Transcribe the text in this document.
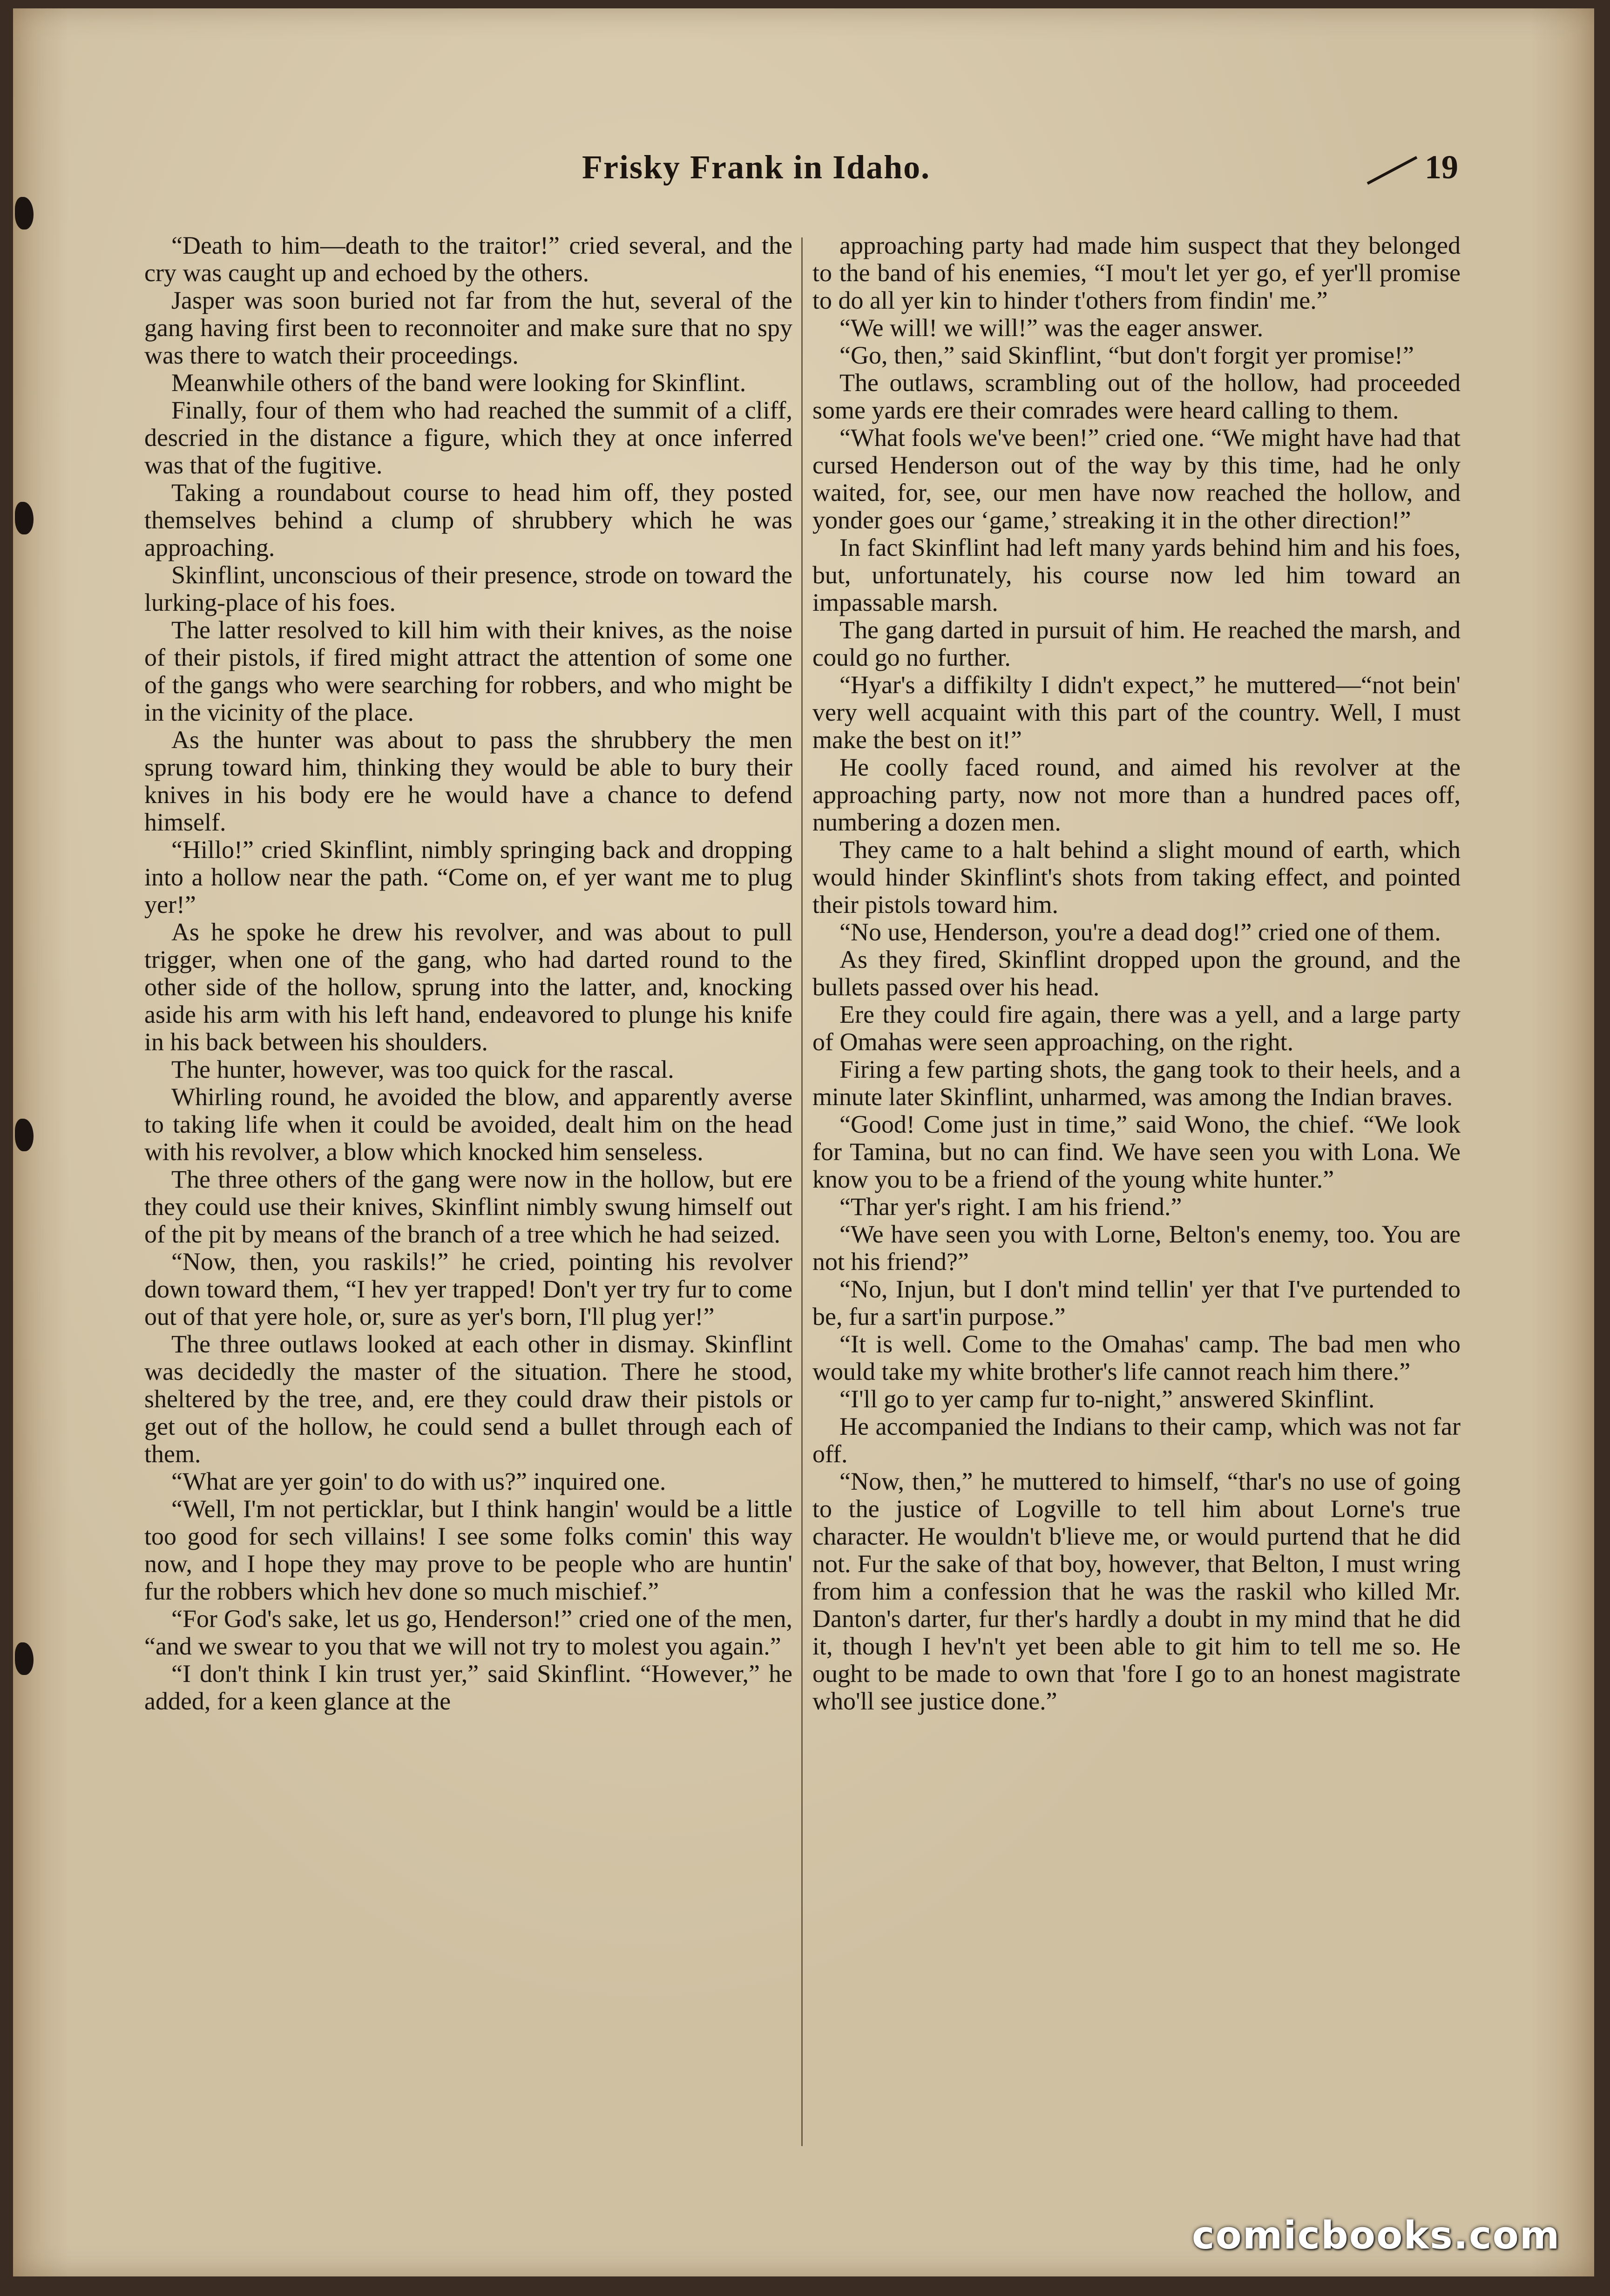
Frisky Frank in Idaho.	19

“Death to him—death to the traitor!” cried several, and the cry was caught up and echoed by the others.

Jasper was soon buried not far from the hut, several of the gang having first been to reconnoiter and make sure that no spy was there to watch their proceedings.

Meanwhile others of the band were looking for Skinflint.

Finally, four of them who had reached the summit of a cliff, descried in the distance a figure, which they at once inferred was that of the fugitive.

Taking a roundabout course to head him off, they posted themselves behind a clump of shrubbery which he was approaching.

Skinflint, unconscious of their presence, strode on toward the lurking-place of his foes.

The latter resolved to kill him with their knives, as the noise of their pistols, if fired might attract the attention of some one of the gangs who were searching for robbers, and who might be in the vicinity of the place.

As the hunter was about to pass the shrubbery the men sprung toward him, thinking they would be able to bury their knives in his body ere he would have a chance to defend himself.

“Hillo!” cried Skinflint, nimbly springing back and dropping into a hollow near the path. “Come on, ef yer want me to plug yer!”

As he spoke he drew his revolver, and was about to pull trigger, when one of the gang, who had darted round to the other side of the hollow, sprung into the latter, and, knocking aside his arm with his left hand, endeavored to plunge his knife in his back between his shoulders.

The hunter, however, was too quick for the rascal.

Whirling round, he avoided the blow, and apparently averse to taking life when it could be avoided, dealt him on the head with his revolver, a blow which knocked him senseless.

The three others of the gang were now in the hollow, but ere they could use their knives, Skinflint nimbly swung himself out of the pit by means of the branch of a tree which he had seized.

“Now, then, you raskils!” he cried, pointing his revolver down toward them, “I hev yer trapped! Don't yer try fur to come out of that yere hole, or, sure as yer's born, I'll plug yer!”

The three outlaws looked at each other in dismay. Skinflint was decidedly the master of the situation. There he stood, sheltered by the tree, and, ere they could draw their pistols or get out of the hollow, he could send a bullet through each of them.

“What are yer goin' to do with us?” inquired one.

“Well, I'm not perticklar, but I think hangin' would be a little too good for sech villains! I see some folks comin' this way now, and I hope they may prove to be people who are huntin' fur the robbers which hev done so much mischief.”

“For God's sake, let us go, Henderson!” cried one of the men, “and we swear to you that we will not try to molest you again.”

“I don't think I kin trust yer,” said Skinflint. “However,” he added, for a keen glance at the

approaching party had made him suspect that they belonged to the band of his enemies, “I mou't let yer go, ef yer'll promise to do all yer kin to hinder t'others from findin' me.”

“We will! we will!” was the eager answer.

“Go, then,” said Skinflint, “but don't forgit yer promise!”

The outlaws, scrambling out of the hollow, had proceeded some yards ere their comrades were heard calling to them.

“What fools we've been!” cried one. “We might have had that cursed Henderson out of the way by this time, had he only waited, for, see, our men have now reached the hollow, and yonder goes our ‘game,’ streaking it in the other direction!”

In fact Skinflint had left many yards behind him and his foes, but, unfortunately, his course now led him toward an impassable marsh.

The gang darted in pursuit of him. He reached the marsh, and could go no further.

“Hyar's a diffikilty I didn't expect,” he muttered—“not bein' very well acquaint with this part of the country. Well, I must make the best on it!”

He coolly faced round, and aimed his revolver at the approaching party, now not more than a hundred paces off, numbering a dozen men.

They came to a halt behind a slight mound of earth, which would hinder Skinflint's shots from taking effect, and pointed their pistols toward him.

“No use, Henderson, you're a dead dog!” cried one of them.

As they fired, Skinflint dropped upon the ground, and the bullets passed over his head.

Ere they could fire again, there was a yell, and a large party of Omahas were seen approaching, on the right.

Firing a few parting shots, the gang took to their heels, and a minute later Skinflint, unharmed, was among the Indian braves.

“Good! Come just in time,” said Wono, the chief. “We look for Tamina, but no can find. We have seen you with Lona. We know you to be a friend of the young white hunter.”

“Thar yer's right. I am his friend.”

“We have seen you with Lorne, Belton's enemy, too. You are not his friend?”

“No, Injun, but I don't mind tellin' yer that I've purtended to be, fur a sart'in purpose.”

“It is well. Come to the Omahas' camp. The bad men who would take my white brother's life cannot reach him there.”

“I'll go to yer camp fur to-night,” answered Skinflint.

He accompanied the Indians to their camp, which was not far off.

“Now, then,” he muttered to himself, “thar's no use of going to the justice of Logville to tell him about Lorne's true character. He wouldn't b'lieve me, or would purtend that he did not. Fur the sake of that boy, however, that Belton, I must wring from him a confession that he was the raskil who killed Mr. Danton's darter, fur ther's hardly a doubt in my mind that he did it, though I hev'n't yet been able to git him to tell me so. He ought to be made to own that 'fore I go to an honest magistrate who'll see justice done.”

comicbooks.com
